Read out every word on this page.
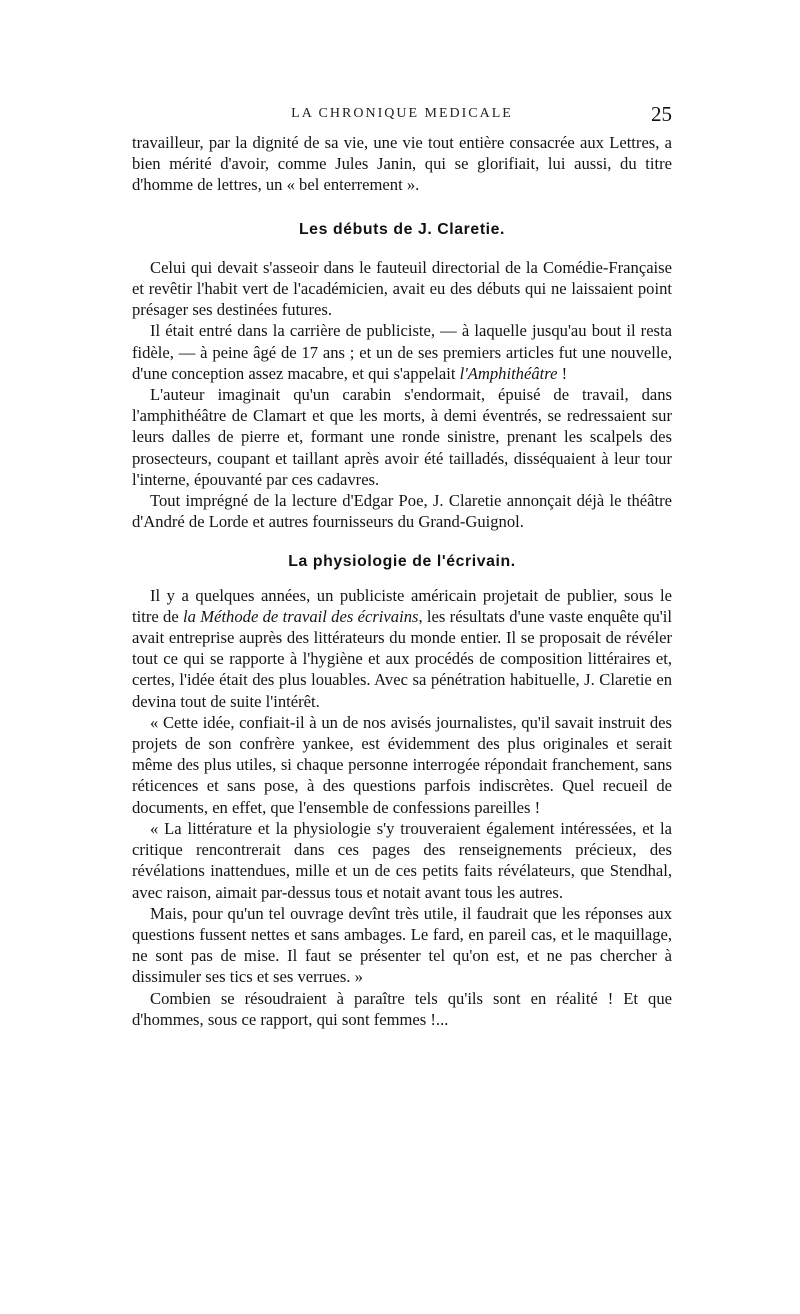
LA CHRONIQUE MEDICALE	25

travailleur, par la dignité de sa vie, une vie tout entière consacrée aux Lettres, a bien mérité d'avoir, comme Jules Janin, qui se glorifiait, lui aussi, du titre d'homme de lettres, un « bel enterrement ».

Les débuts de J. Claretie.

Celui qui devait s'asseoir dans le fauteuil directorial de la Comédie-Française et revêtir l'habit vert de l'académicien, avait eu des débuts qui ne laissaient point présager ses destinées futures.

Il était entré dans la carrière de publiciste, — à laquelle jusqu'au bout il resta fidèle, — à peine âgé de 17 ans ; et un de ses premiers articles fut une nouvelle, d'une conception assez macabre, et qui s'appelait l'Amphithéâtre !

L'auteur imaginait qu'un carabin s'endormait, épuisé de travail, dans l'amphithéâtre de Clamart et que les morts, à demi éventrés, se redressaient sur leurs dalles de pierre et, formant une ronde sinistre, prenant les scalpels des prosecteurs, coupant et taillant après avoir été tailladés, disséquaient à leur tour l'interne, épouvanté par ces cadavres.

Tout imprégné de la lecture d'Edgar Poe, J. Claretie annonçait déjà le théâtre d'André de Lorde et autres fournisseurs du Grand-Guignol.

La physiologie de l'écrivain.

Il y a quelques années, un publiciste américain projetait de publier, sous le titre de la Méthode de travail des écrivains, les résultats d'une vaste enquête qu'il avait entreprise auprès des littérateurs du monde entier. Il se proposait de révéler tout ce qui se rapporte à l'hygiène et aux procédés de composition littéraires et, certes, l'idée était des plus louables. Avec sa pénétration habituelle, J. Claretie en devina tout de suite l'intérêt.

« Cette idée, confiait-il à un de nos avisés journalistes, qu'il savait instruit des projets de son confrère yankee, est évidemment des plus originales et serait même des plus utiles, si chaque personne interrogée répondait franchement, sans réticences et sans pose, à des questions parfois indiscrètes. Quel recueil de documents, en effet, que l'ensemble de confessions pareilles !

« La littérature et la physiologie s'y trouveraient également intéressées, et la critique rencontrerait dans ces pages des renseignements précieux, des révélations inattendues, mille et un de ces petits faits révélateurs, que Stendhal, avec raison, aimait par-dessus tous et notait avant tous les autres.

Mais, pour qu'un tel ouvrage devînt très utile, il faudrait que les réponses aux questions fussent nettes et sans ambages. Le fard, en pareil cas, et le maquillage, ne sont pas de mise. Il faut se présenter tel qu'on est, et ne pas chercher à dissimuler ses tics et ses verrues. »

Combien se résoudraient à paraître tels qu'ils sont en réalité ! Et que d'hommes, sous ce rapport, qui sont femmes !...
